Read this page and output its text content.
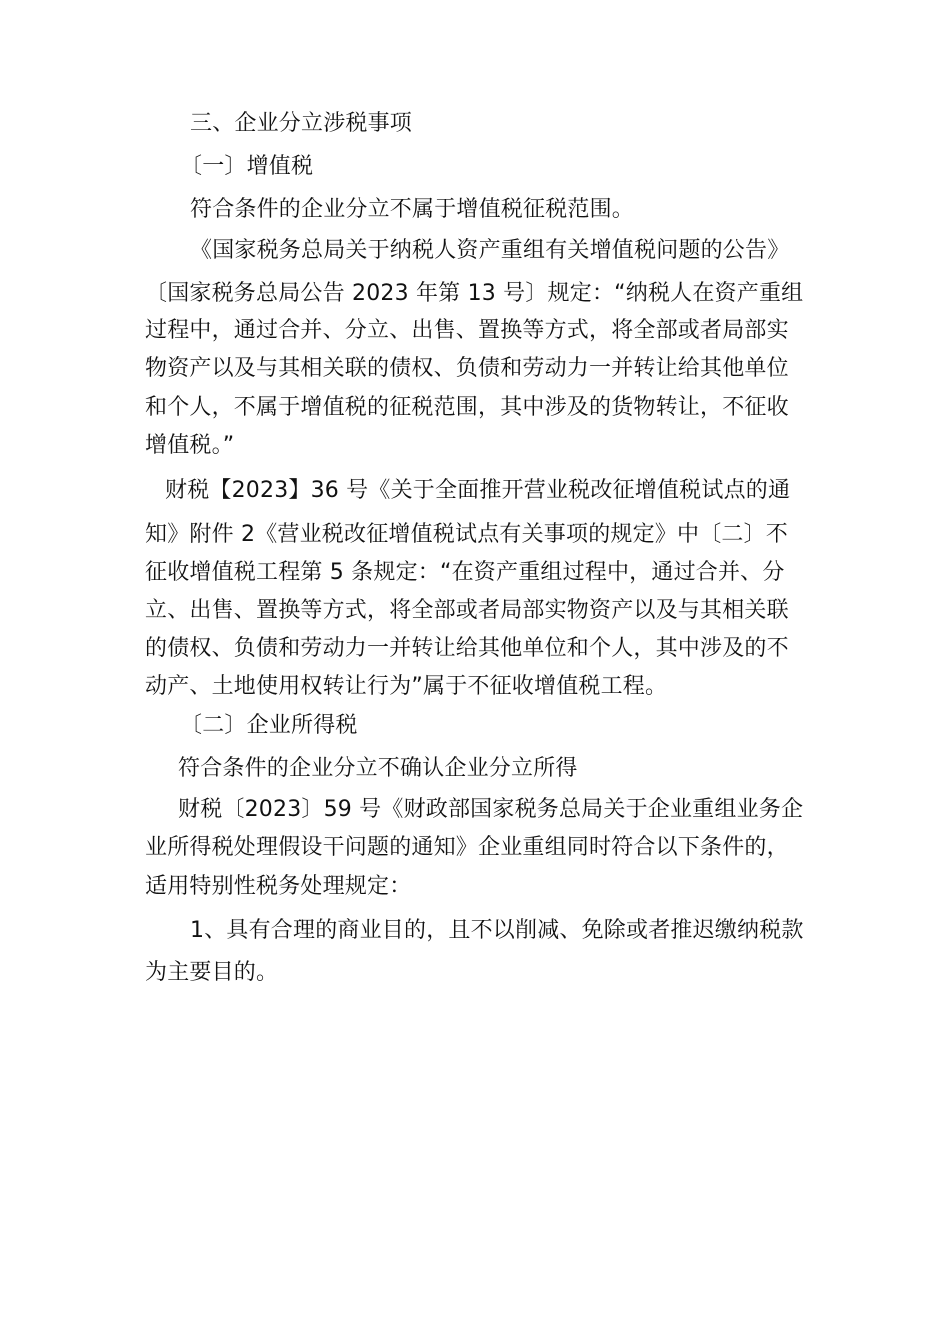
三、企业分立涉税事项
〔一〕增值税
符合条件的企业分立不属于增值税征税范围。
《国家税务总局关于纳税人资产重组有关增值税问题的公告》
〔国家税务总局公告 2023 年第 13 号〕规定：“纳税人在资产重组
过程中，通过合并、分立、出售、置换等方式，将全部或者局部实
物资产以及与其相关联的债权、负债和劳动力一并转让给其他单位
和个人，不属于增值税的征税范围，其中涉及的货物转让，不征收
增值税。”
财税【2023】36 号《关于全面推开营业税改征增值税试点的通
知》附件 2《营业税改征增值税试点有关事项的规定》中〔二〕不
征收增值税工程第 5 条规定：“在资产重组过程中，通过合并、分
立、出售、置换等方式，将全部或者局部实物资产以及与其相关联
的债权、负债和劳动力一并转让给其他单位和个人，其中涉及的不
动产、土地使用权转让行为”属于不征收增值税工程。
〔二〕企业所得税
符合条件的企业分立不确认企业分立所得
财税〔2023〕59 号《财政部国家税务总局关于企业重组业务企
业所得税处理假设干问题的通知》企业重组同时符合以下条件的，
适用特别性税务处理规定：
1、具有合理的商业目的，且不以削减、免除或者推迟缴纳税款
为主要目的。
